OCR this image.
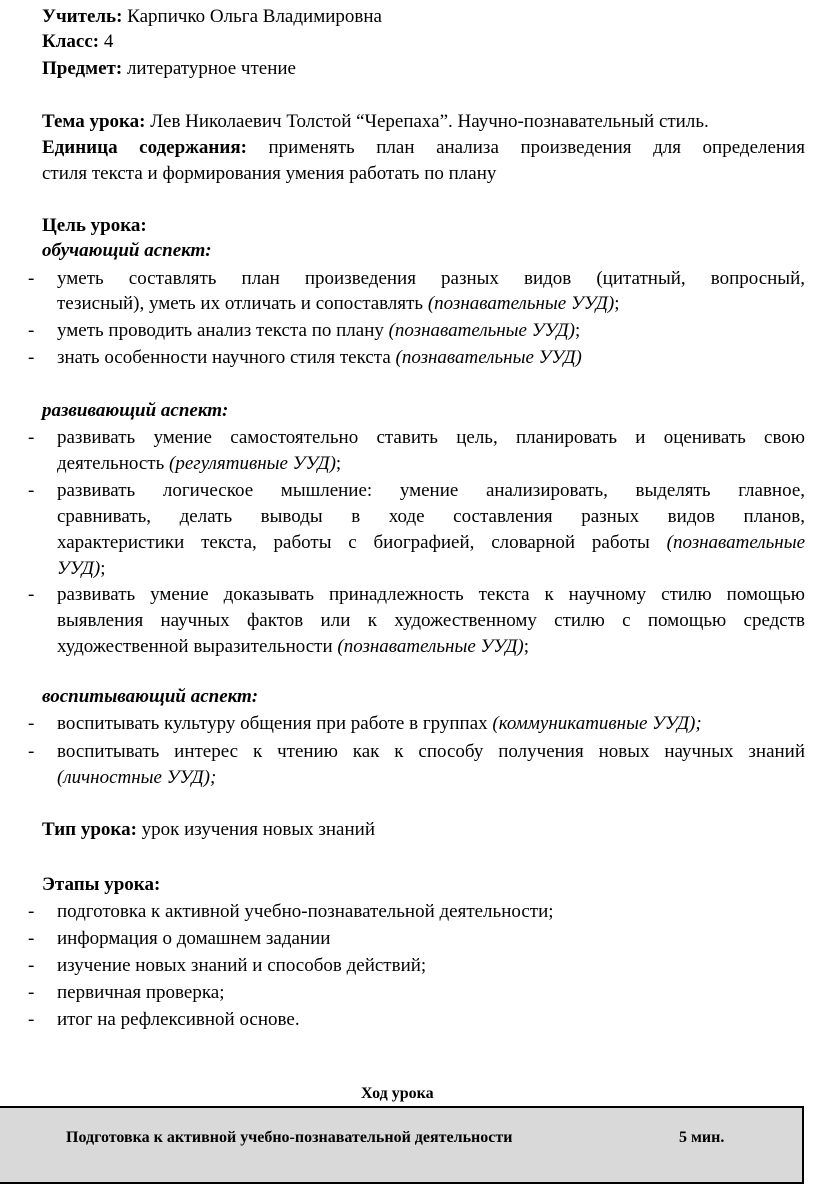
Учитель: Карпичко Ольга Владимировна
Класс: 4
Предмет: литературное чтение
Тема урока: Лев Николаевич Толстой “Черепаха”. Научно-познавательный стиль.
Единица содержания: применять план анализа произведения для определения
стиля текста и формирования умения работать по плану
Цель урока:
обучающий аспект:
- уметь составлять план произведения разных видов (цитатный, вопросный,
тезисный), уметь их отличать и сопоставлять (познавательные УУД);
- уметь проводить анализ текста по плану (познавательные УУД);
- знать особенности научного стиля текста (познавательные УУД)
развивающий аспект:
- развивать умение самостоятельно ставить цель, планировать и оценивать свою
деятельность (регулятивные УУД);
- развивать логическое мышление: умение анализировать, выделять главное,
сравнивать, делать выводы в ходе составления разных видов планов,
характеристики текста, работы с биографией, словарной работы (познавательные
УУД);
- развивать умение доказывать принадлежность текста к научному стилю помощью
выявления научных фактов или к художественному стилю с помощью средств
художественной выразительности (познавательные УУД);
воспитывающий аспект:
- воспитывать культуру общения при работе в группах (коммуникативные УУД);
- воспитывать интерес к чтению как к способу получения новых научных знаний
(личностные УУД);
Тип урока: урок изучения новых знаний
Этапы урока:
- подготовка к активной учебно-познавательной деятельности;
- информация о домашнем задании
- изучение новых знаний и способов действий;
- первичная проверка;
- итог на рефлексивной основе.
Ход урока
Подготовка к активной учебно-познавательной деятельности	5 мин.
